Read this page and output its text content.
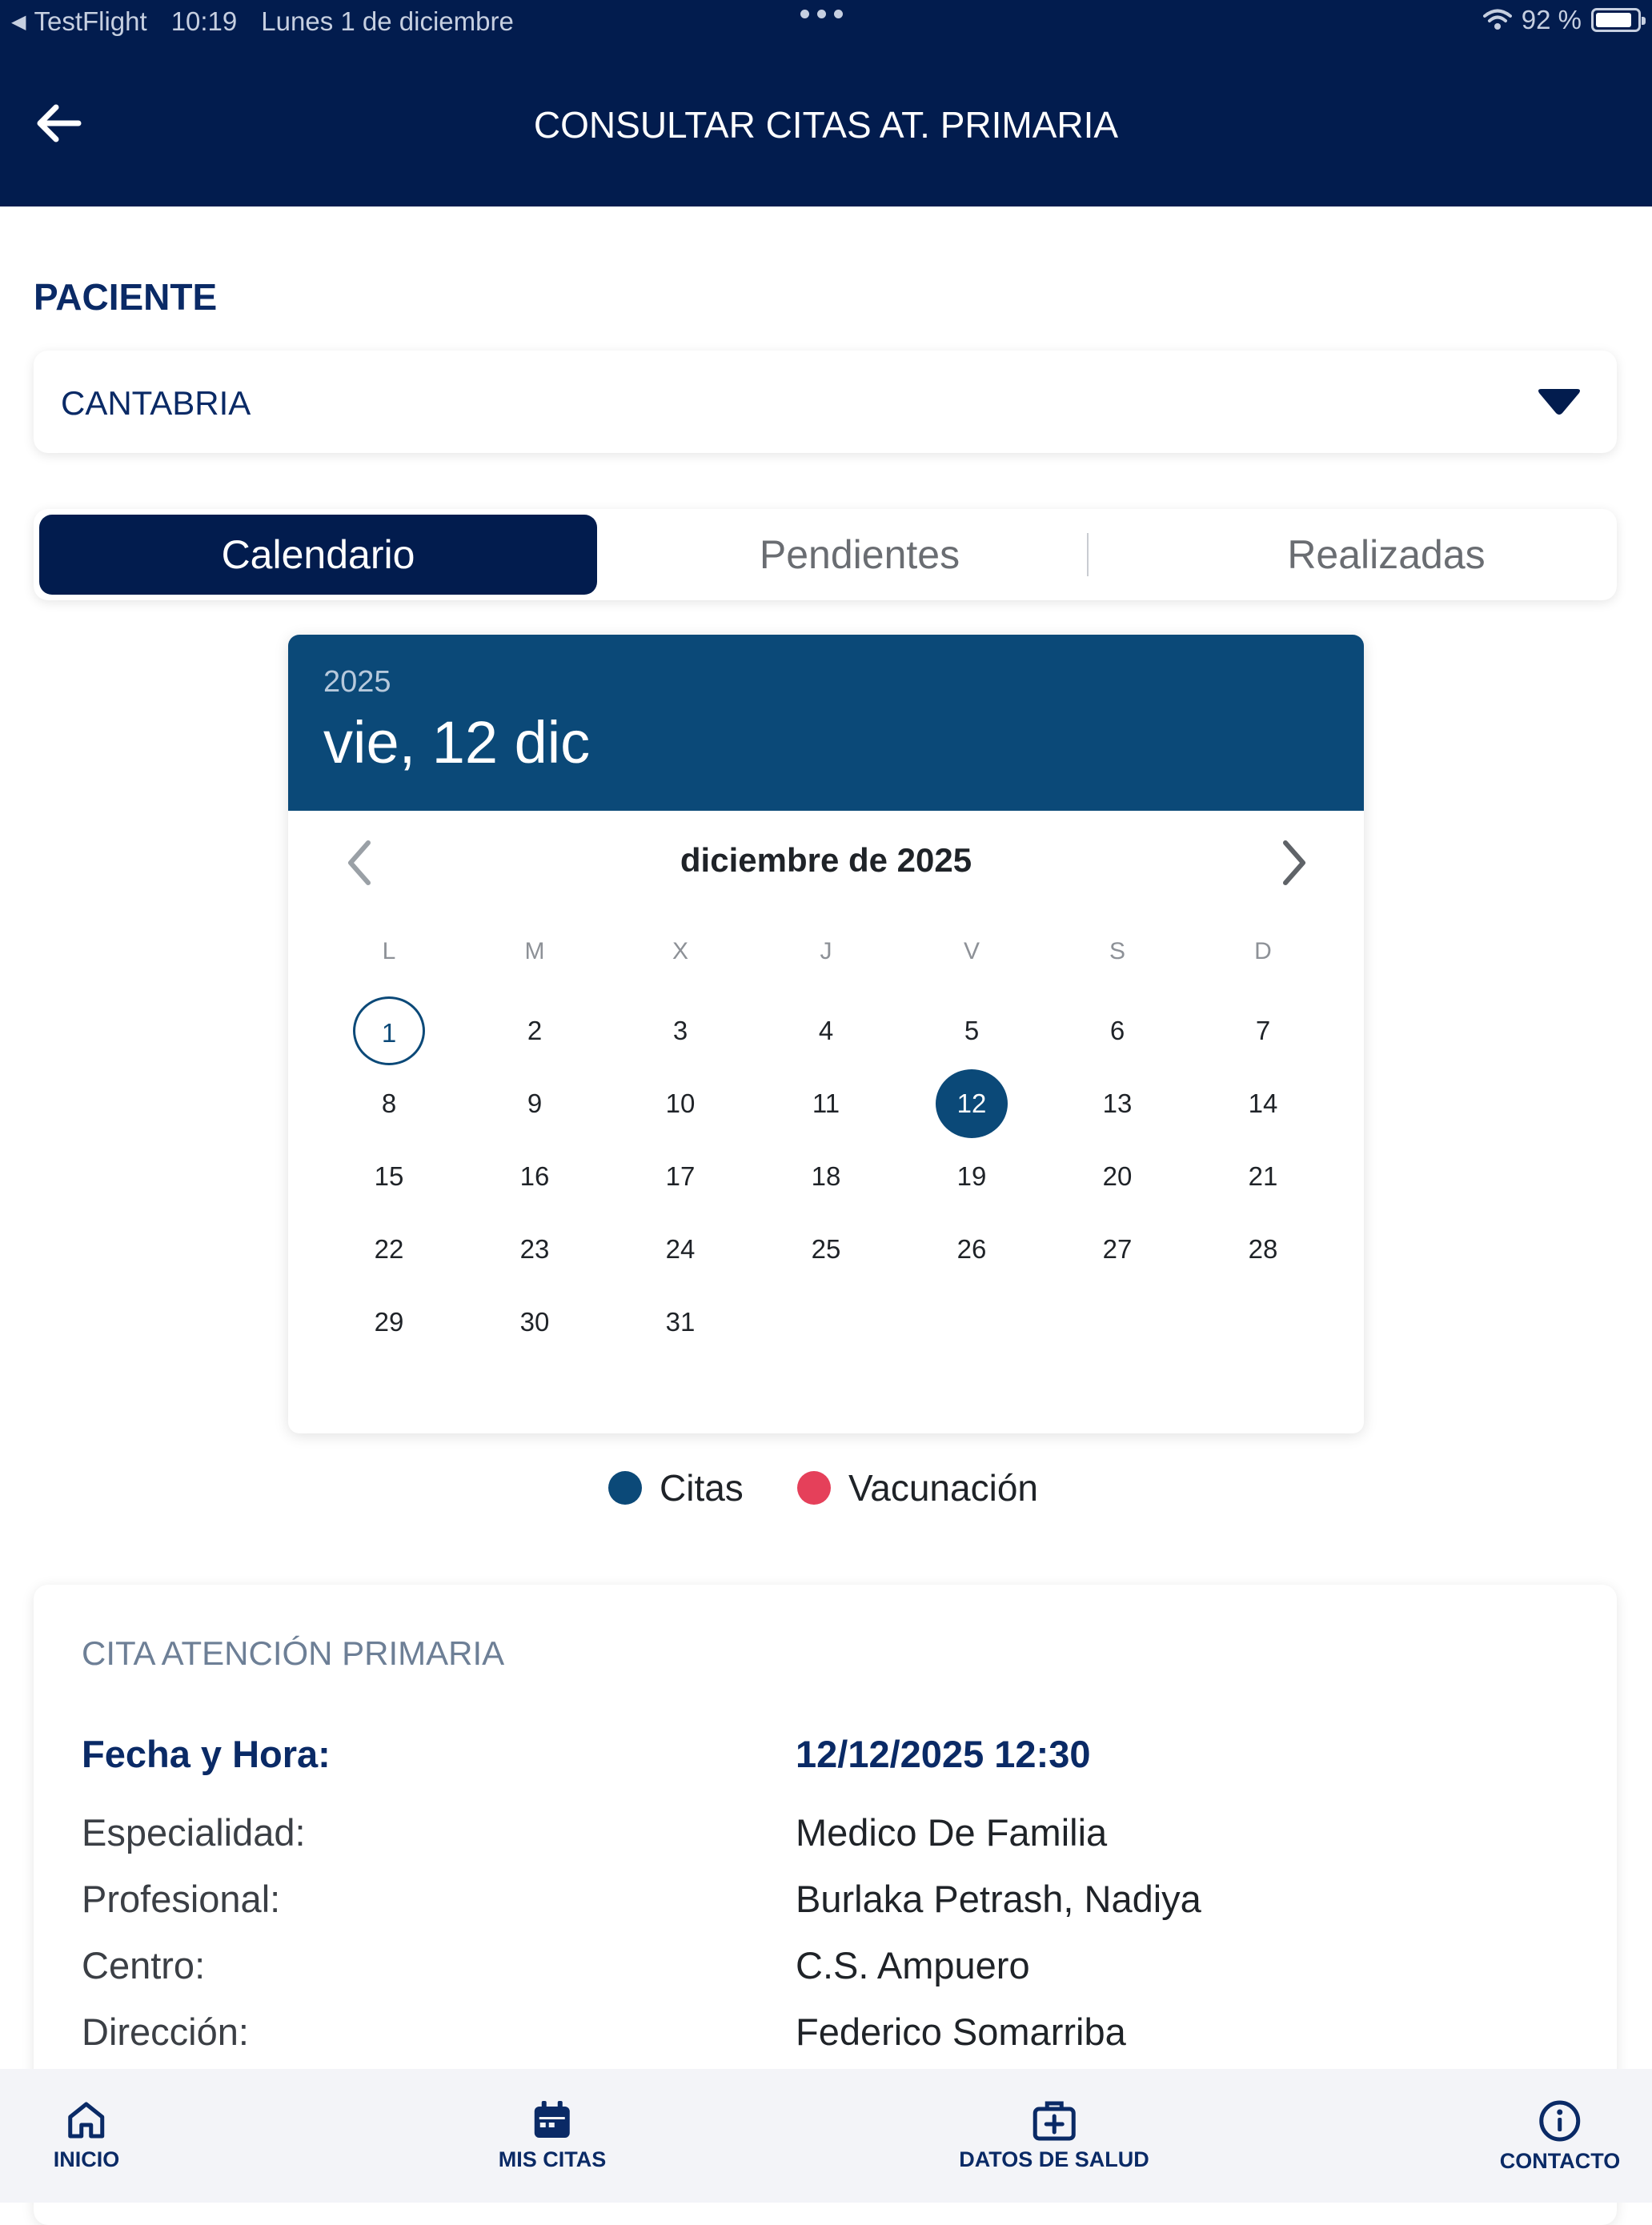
◀ TestFlight 10:19 Lunes 1 de diciembre	92 %
CONSULTAR CITAS AT. PRIMARIA
PACIENTE
CANTABRIA
Calendario	Pendientes	Realizadas
2025
vie, 12 dic
diciembre de 2025
L	M	X	J	V	S	D
1	2	3	4	5	6	7
8	9	10	11	12	13	14
15	16	17	18	19	20	21
22	23	24	25	26	27	28
29	30	31
Citas	Vacunación
CITA ATENCIÓN PRIMARIA
Fecha y Hora:	12/12/2025 12:30
Especialidad:	Medico De Familia
Profesional:	Burlaka Petrash, Nadiya
Centro:	C.S. Ampuero
Dirección:	Federico Somarriba
INICIO	MIS CITAS	DATOS DE SALUD	CONTACTO
